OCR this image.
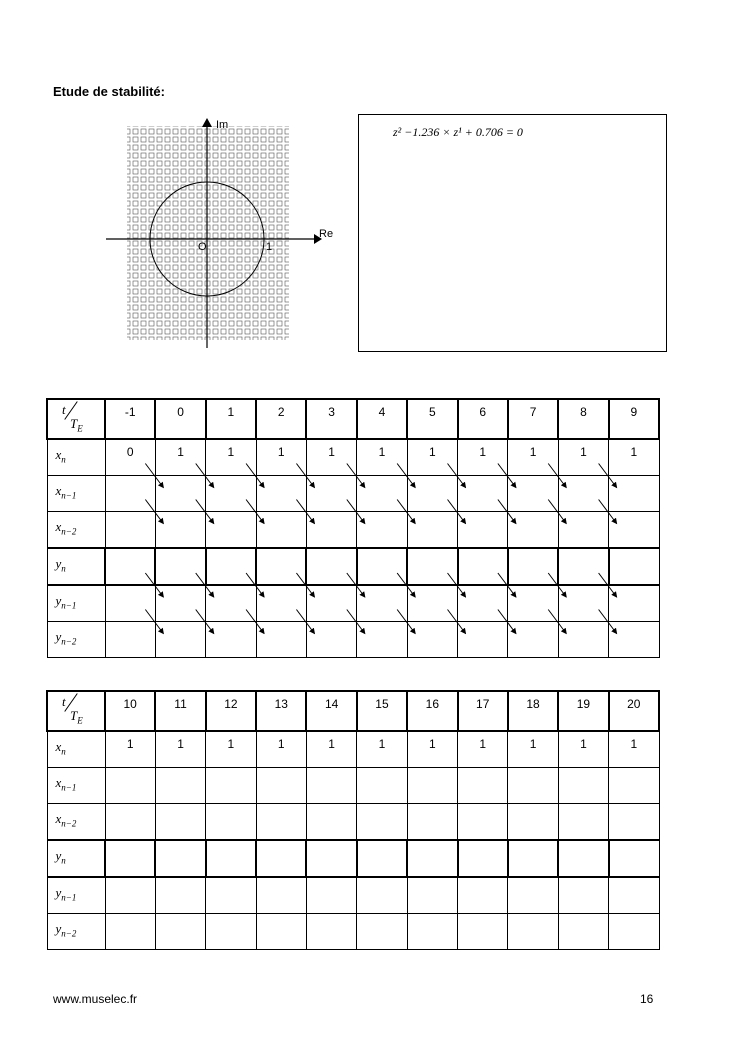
Etude de stabilité:
Im
Re
O	1
z² −1.236 × z¹ + 0.706 = 0
t
$T_E$	-1	0	1	2	3	4	5	6	7	8	9

$x_n$	0	1	1	1	1	1	1	1	1	1	1

$x_{n-1}$

$x_{n-2}$

$y_n$

$y_{n-1}$

$y_{n-2}$

t
$T_E$	10	11	12	13	14	15	16	17	18	19	20

$x_n$	1	1	1	1	1	1	1	1	1	1	1

$x_{n-1}$

$x_{n-2}$

$y_n$

$y_{n-1}$

$y_{n-2}$

www.muselec.fr	16
